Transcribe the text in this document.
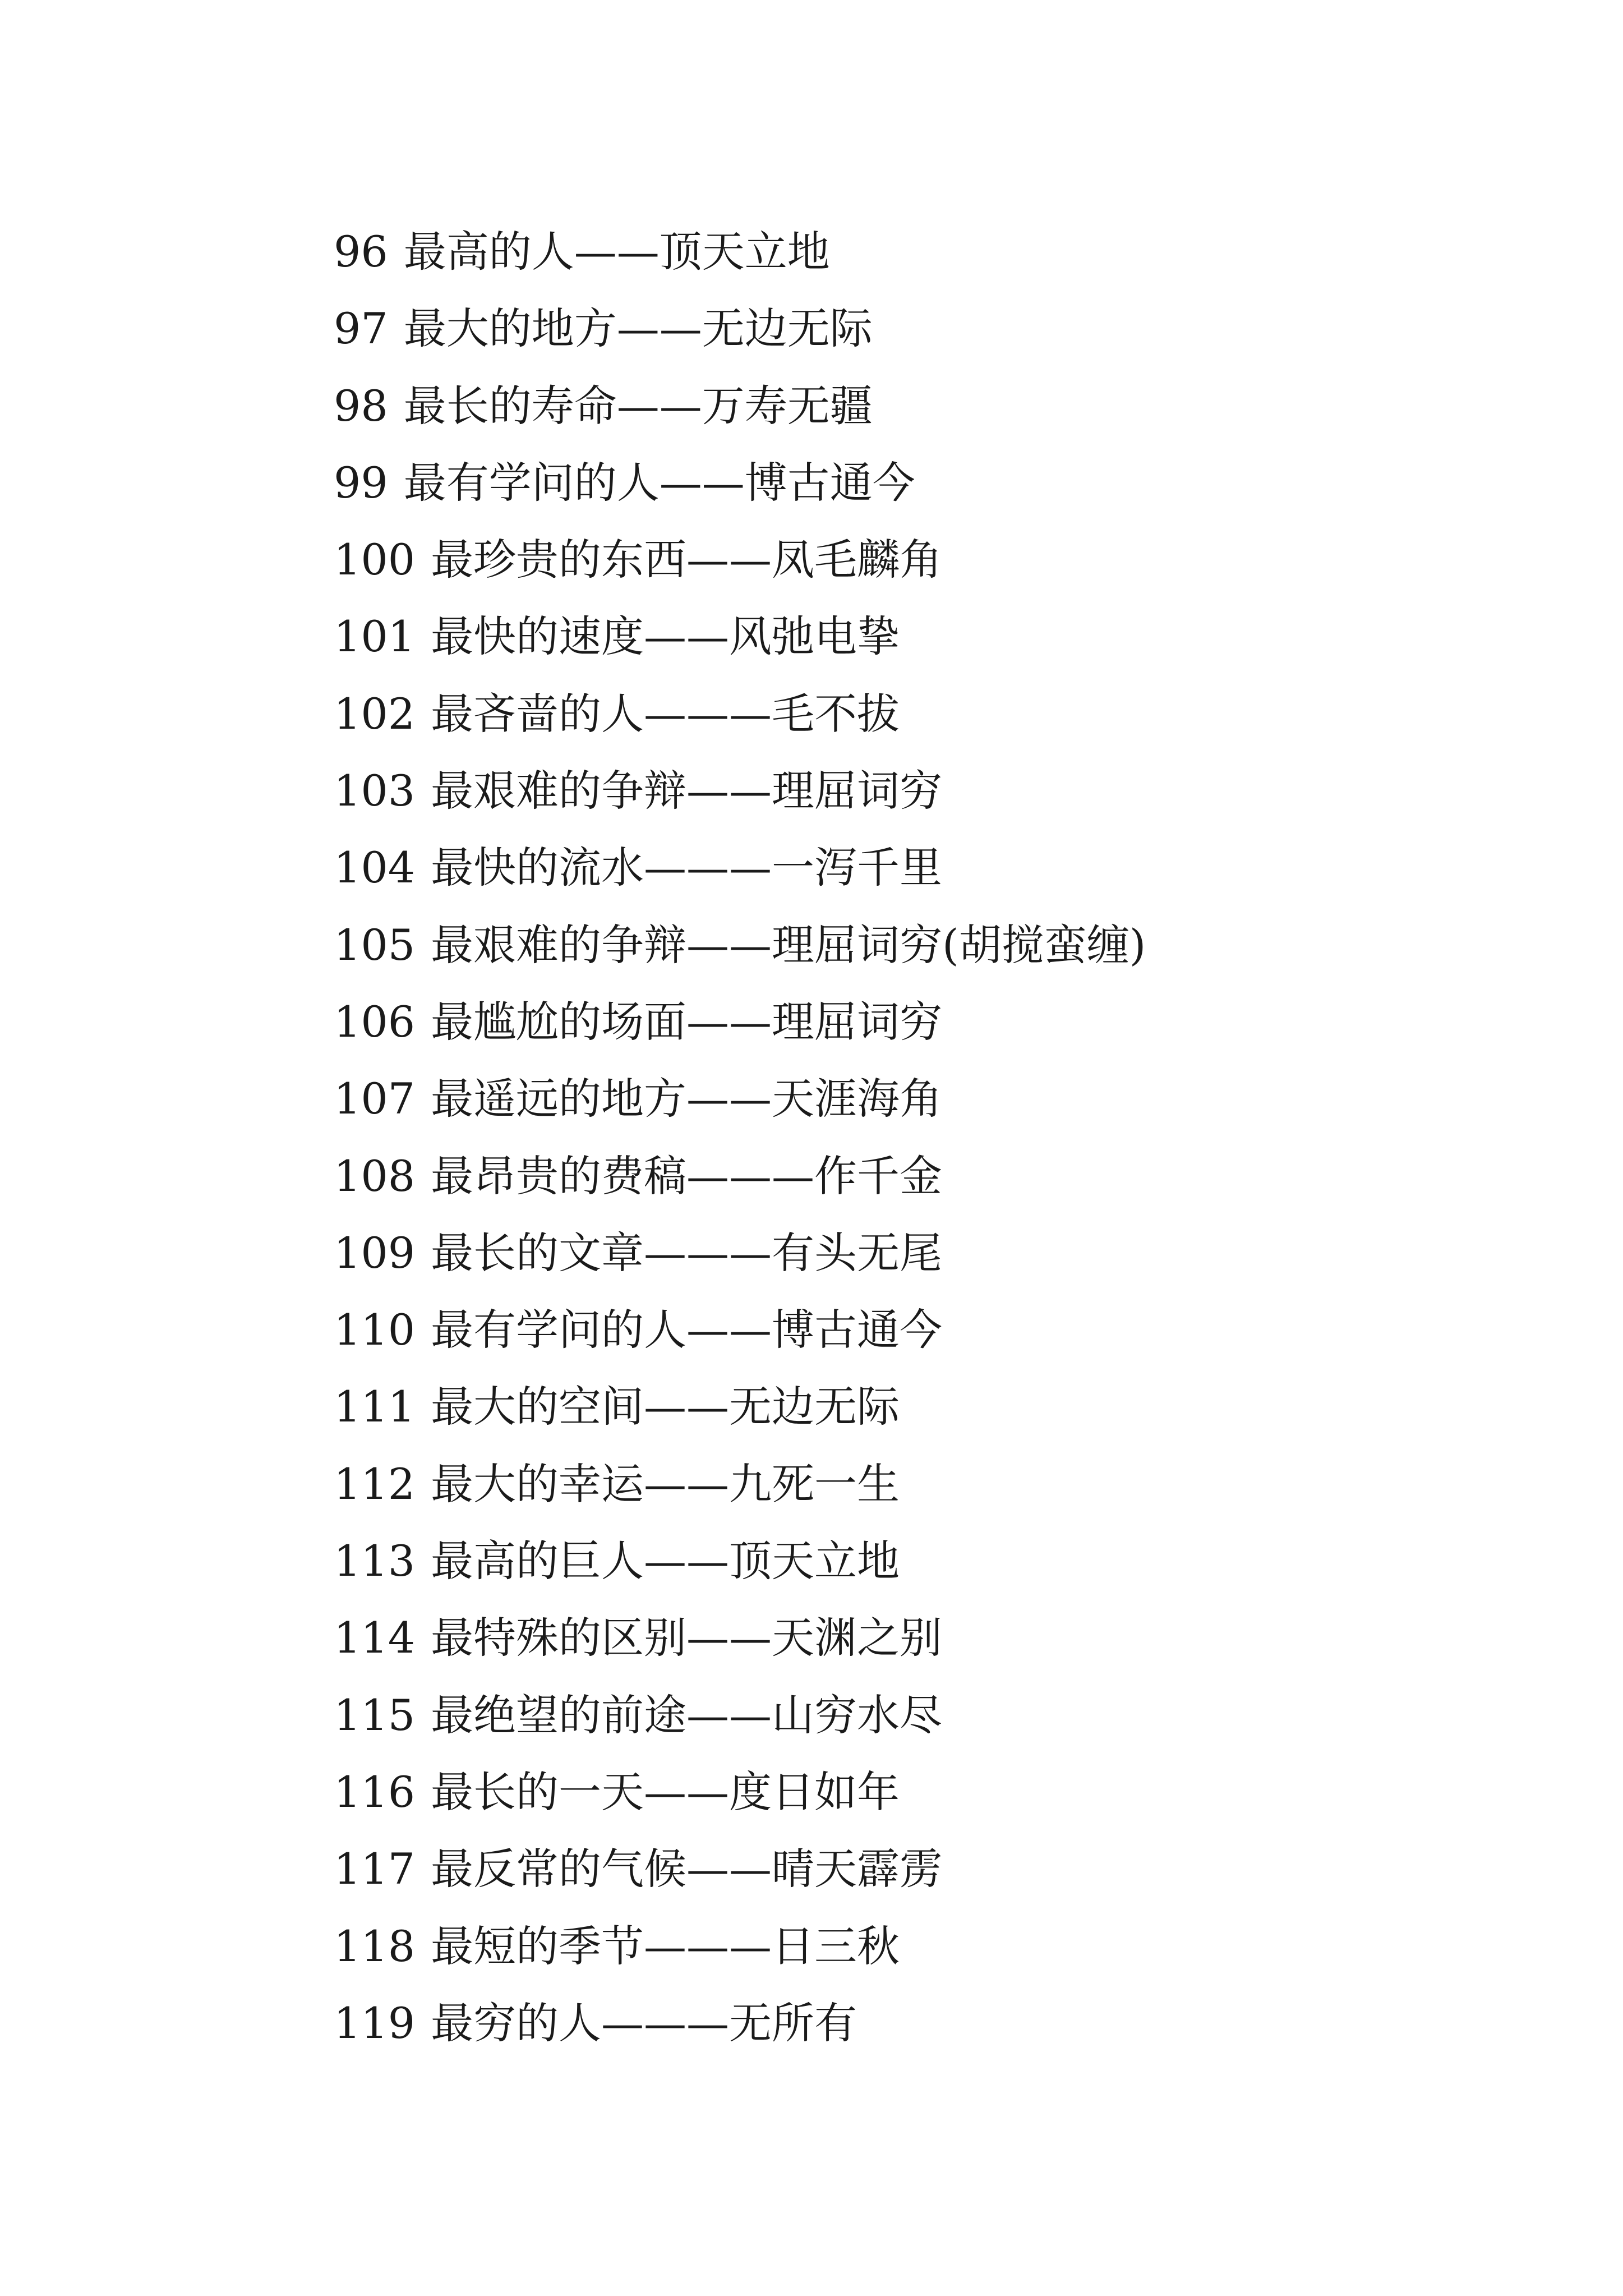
96 最高的人——顶天立地
97 最大的地方——无边无际
98 最长的寿命——万寿无疆
99 最有学问的人——博古通今
100 最珍贵的东西——凤毛麟角
101 最快的速度——风弛电挚
102 最吝啬的人———毛不拔
103 最艰难的争辩——理屈词穷
104 最快的流水———一泻千里
105 最艰难的争辩——理屈词穷(胡搅蛮缠)
106 最尴尬的场面——理屈词穷
107 最遥远的地方——天涯海角
108 最昂贵的费稿———作千金
109 最长的文章———有头无尾
110 最有学问的人——博古通今
111 最大的空间——无边无际
112 最大的幸运——九死一生
113 最高的巨人——顶天立地
114 最特殊的区别——天渊之别
115 最绝望的前途——山穷水尽
116 最长的一天——度日如年
117 最反常的气候——晴天霹雳
118 最短的季节———日三秋
119 最穷的人———无所有
